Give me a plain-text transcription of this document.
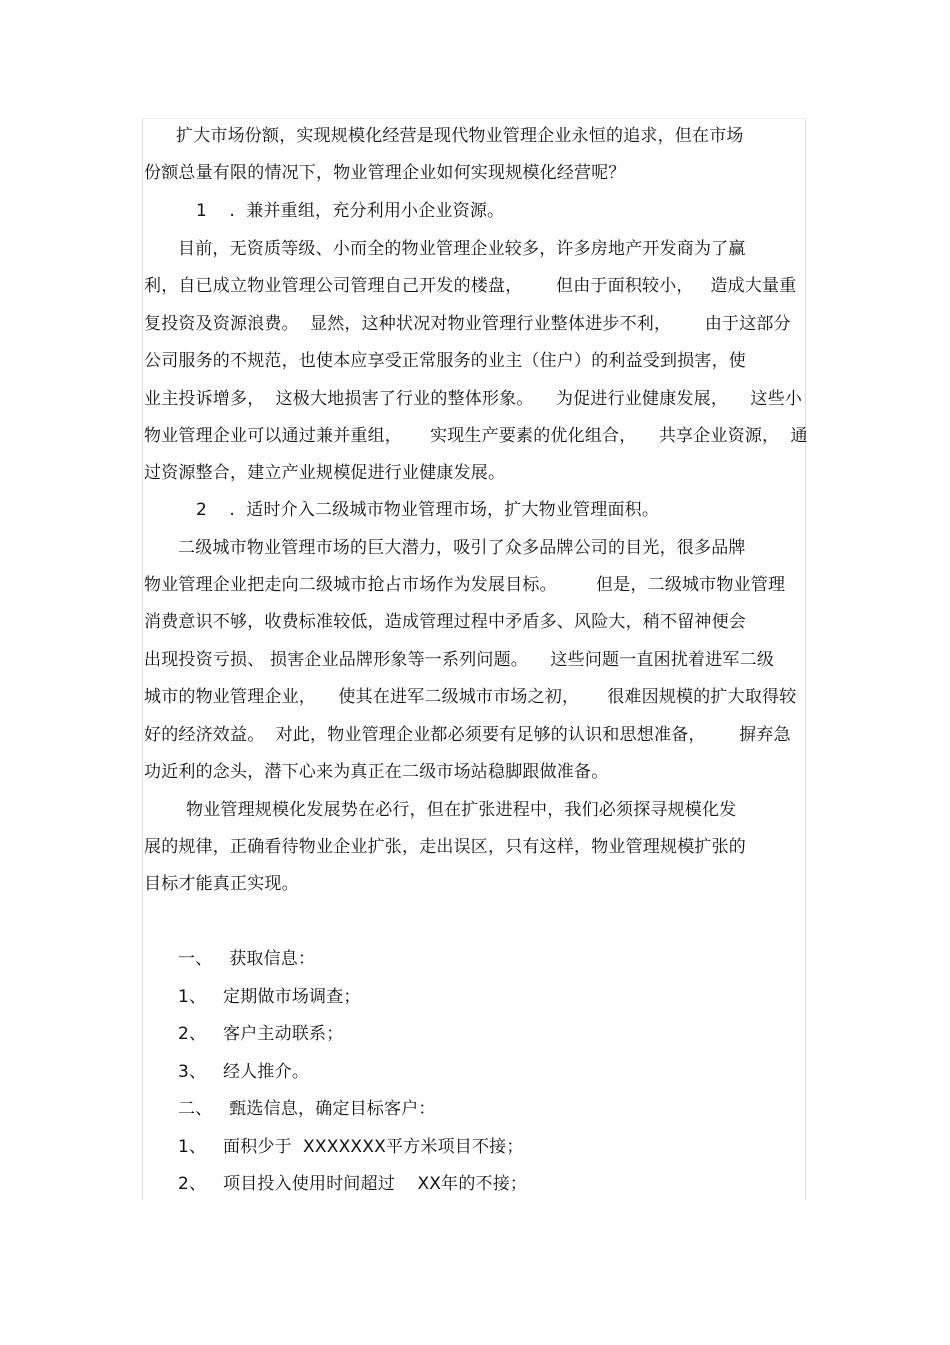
扩大市场份额，实现规模化经营是现代物业管理企业永恒的追求，但在市场
份额总量有限的情况下，物业管理企业如何实现规模化经营呢？
1    .  兼并重组，充分利用小企业资源。
目前，无资质等级、小而全的物业管理企业较多，许多房地产开发商为了赢
利，自已成立物业管理公司管理自己开发的楼盘，      但由于面积较小，   造成大量重
复投资及资源浪费。  显然，这种状况对物业管理行业整体进步不利，      由于这部分
公司服务的不规范，也使本应享受正常服务的业主（住户）的利益受到损害，使
业主投诉增多，  这极大地损害了行业的整体形象。    为促进行业健康发展，    这些小
物业管理企业可以通过兼并重组，     实现生产要素的优化组合，    共享企业资源，  通
过资源整合，建立产业规模促进行业健康发展。
2    .  适时介入二级城市物业管理市场，扩大物业管理面积。
二级城市物业管理市场的巨大潜力，吸引了众多品牌公司的目光，很多品牌
物业管理企业把走向二级城市抢占市场作为发展目标。       但是，二级城市物业管理
消费意识不够，收费标准较低，造成管理过程中矛盾多、风险大，稍不留神便会
出现投资亏损、 损害企业品牌形象等一系列问题。    这些问题一直困扰着进军二级
城市的物业管理企业，    使其在进军二级城市市场之初，     很难因规模的扩大取得较
好的经济效益。  对此，物业管理企业都必须要有足够的认识和思想准备，      摒弃急
功近利的念头，潜下心来为真正在二级市场站稳脚跟做准备。
物业管理规模化发展势在必行，但在扩张进程中，我们必须探寻规模化发
展的规律，正确看待物业企业扩张，走出误区，只有这样，物业管理规模扩张的
目标才能真正实现。
一、   获取信息：
1、   定期做市场调查；
2、   客户主动联系；
3、   经人推介。
二、   甄选信息，确定目标客户：
1、   面积少于  XXXXXXX平方米项目不接；
2、   项目投入使用时间超过    XX年的不接；
